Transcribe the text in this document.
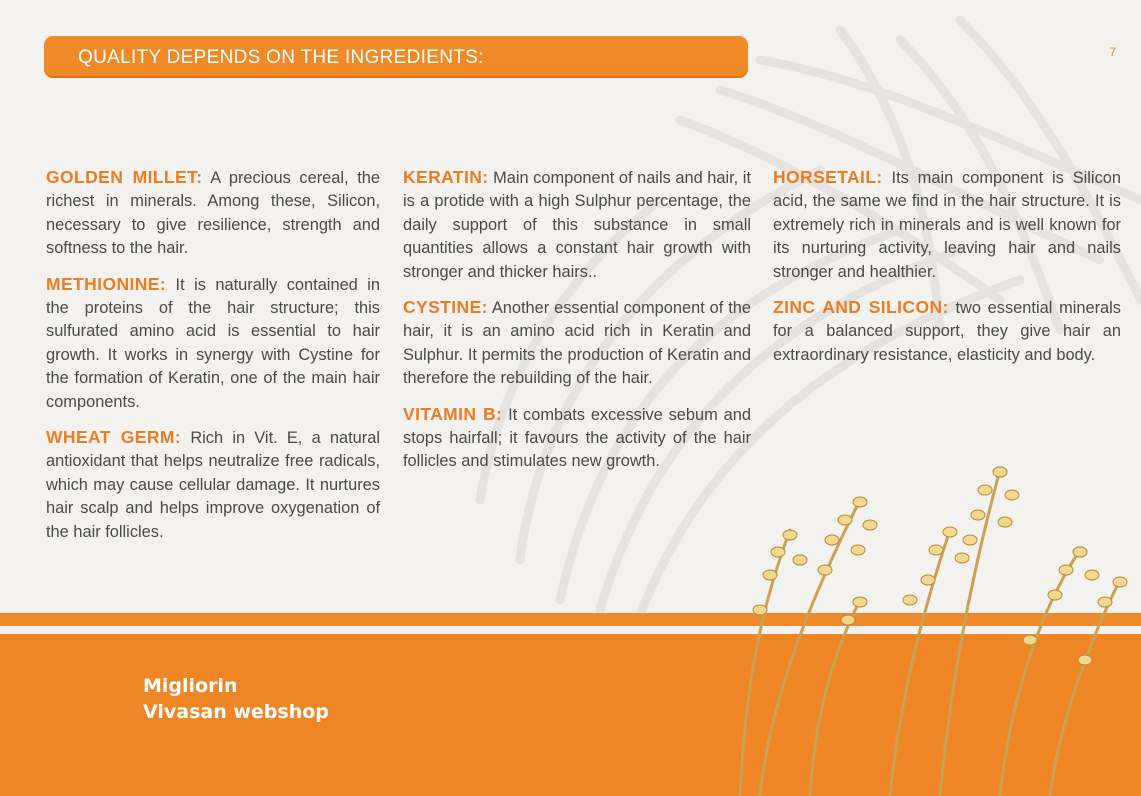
QUALITY DEPENDS ON THE INGREDIENTS:	7

GOLDEN MILLET: A precious cereal, the richest in minerals. Among these, Silicon, necessary to give resilience, strength and softness to the hair.

METHIONINE: It is naturally contained in the proteins of the hair structure; this sulfurated amino acid is essential to hair growth. It works in synergy with Cystine for the formation of Keratin, one of the main hair components.

WHEAT GERM: Rich in Vit. E, a natural antioxidant that helps neutralize free radicals, which may cause cellular damage. It nurtures hair scalp and helps improve oxygenation of the hair follicles.

KERATIN: Main component of nails and hair, it is a protide with a high Sulphur percentage, the daily support of this substance in small quantities allows a constant hair growth with stronger and thicker hairs..

CYSTINE: Another essential component of the hair, it is an amino acid rich in Keratin and Sulphur. It permits the production of Keratin and therefore the rebuilding of the hair.

VITAMIN B: It combats excessive sebum and stops hairfall; it favours the activity of the hair follicles and stimulates new growth.

HORSETAIL: Its main component is Silicon acid, the same we find in the hair structure. It is extremely rich in minerals and is well known for its nurturing activity, leaving hair and nails stronger and healthier.

ZINC AND SILICON: two essential minerals for a balanced support, they give hair an extraordinary resistance, elasticity and body.

Migliorin
Vivasan webshop
